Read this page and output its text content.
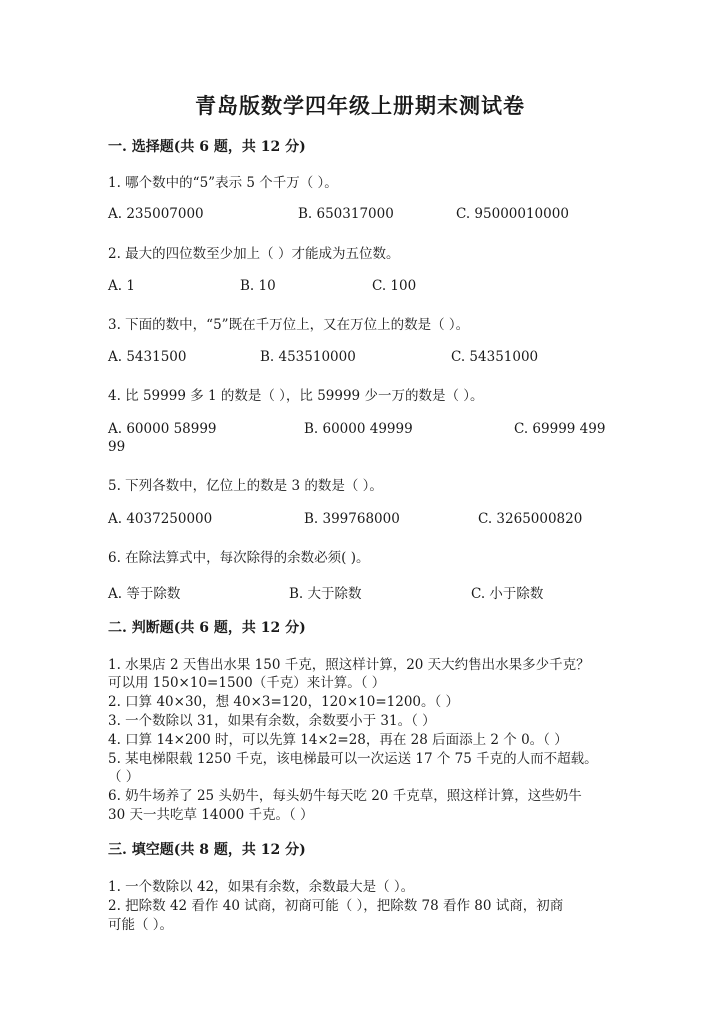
青岛版数学四年级上册期末测试卷
一. 选择题(共 6 题，共 12 分)
1. 哪个数中的“5”表示 5 个千万（ ）。
A. 235007000	B. 650317000	C. 95000010000
2. 最大的四位数至少加上（ ）才能成为五位数。
A. 1	B. 10	C. 100
3. 下面的数中，“5”既在千万位上，又在万位上的数是（ ）。
A. 5431500	B. 453510000	C. 54351000
4. 比 59999 多 1 的数是（ ），比 59999 少一万的数是（ ）。
A. 60000 58999	B. 60000 49999	C. 69999 499
99
5. 下列各数中，亿位上的数是 3 的数是（ ）。
A. 4037250000	B. 399768000	C. 3265000820
6. 在除法算式中，每次除得的余数必须( )。
A. 等于除数	B. 大于除数	C. 小于除数
二. 判断题(共 6 题，共 12 分)
1. 水果店 2 天售出水果 150 千克，照这样计算，20 天大约售出水果多少千克？
可以用 150×10=1500（千克）来计算。（ ）
2. 口算 40×30，想 40×3=120，120×10=1200。（ ）
3. 一个数除以 31，如果有余数，余数要小于 31。（ ）
4. 口算 14×200 时，可以先算 14×2=28，再在 28 后面添上 2 个 0。（ ）
5. 某电梯限载 1250 千克，该电梯最可以一次运送 17 个 75 千克的人而不超载。
（ ）
6. 奶牛场养了 25 头奶牛，每头奶牛每天吃 20 千克草，照这样计算，这些奶牛
30 天一共吃草 14000 千克。（ ）
三. 填空题(共 8 题，共 12 分)
1. 一个数除以 42，如果有余数，余数最大是（ ）。
2. 把除数 42 看作 40 试商，初商可能（ ），把除数 78 看作 80 试商，初商
可能（ ）。
